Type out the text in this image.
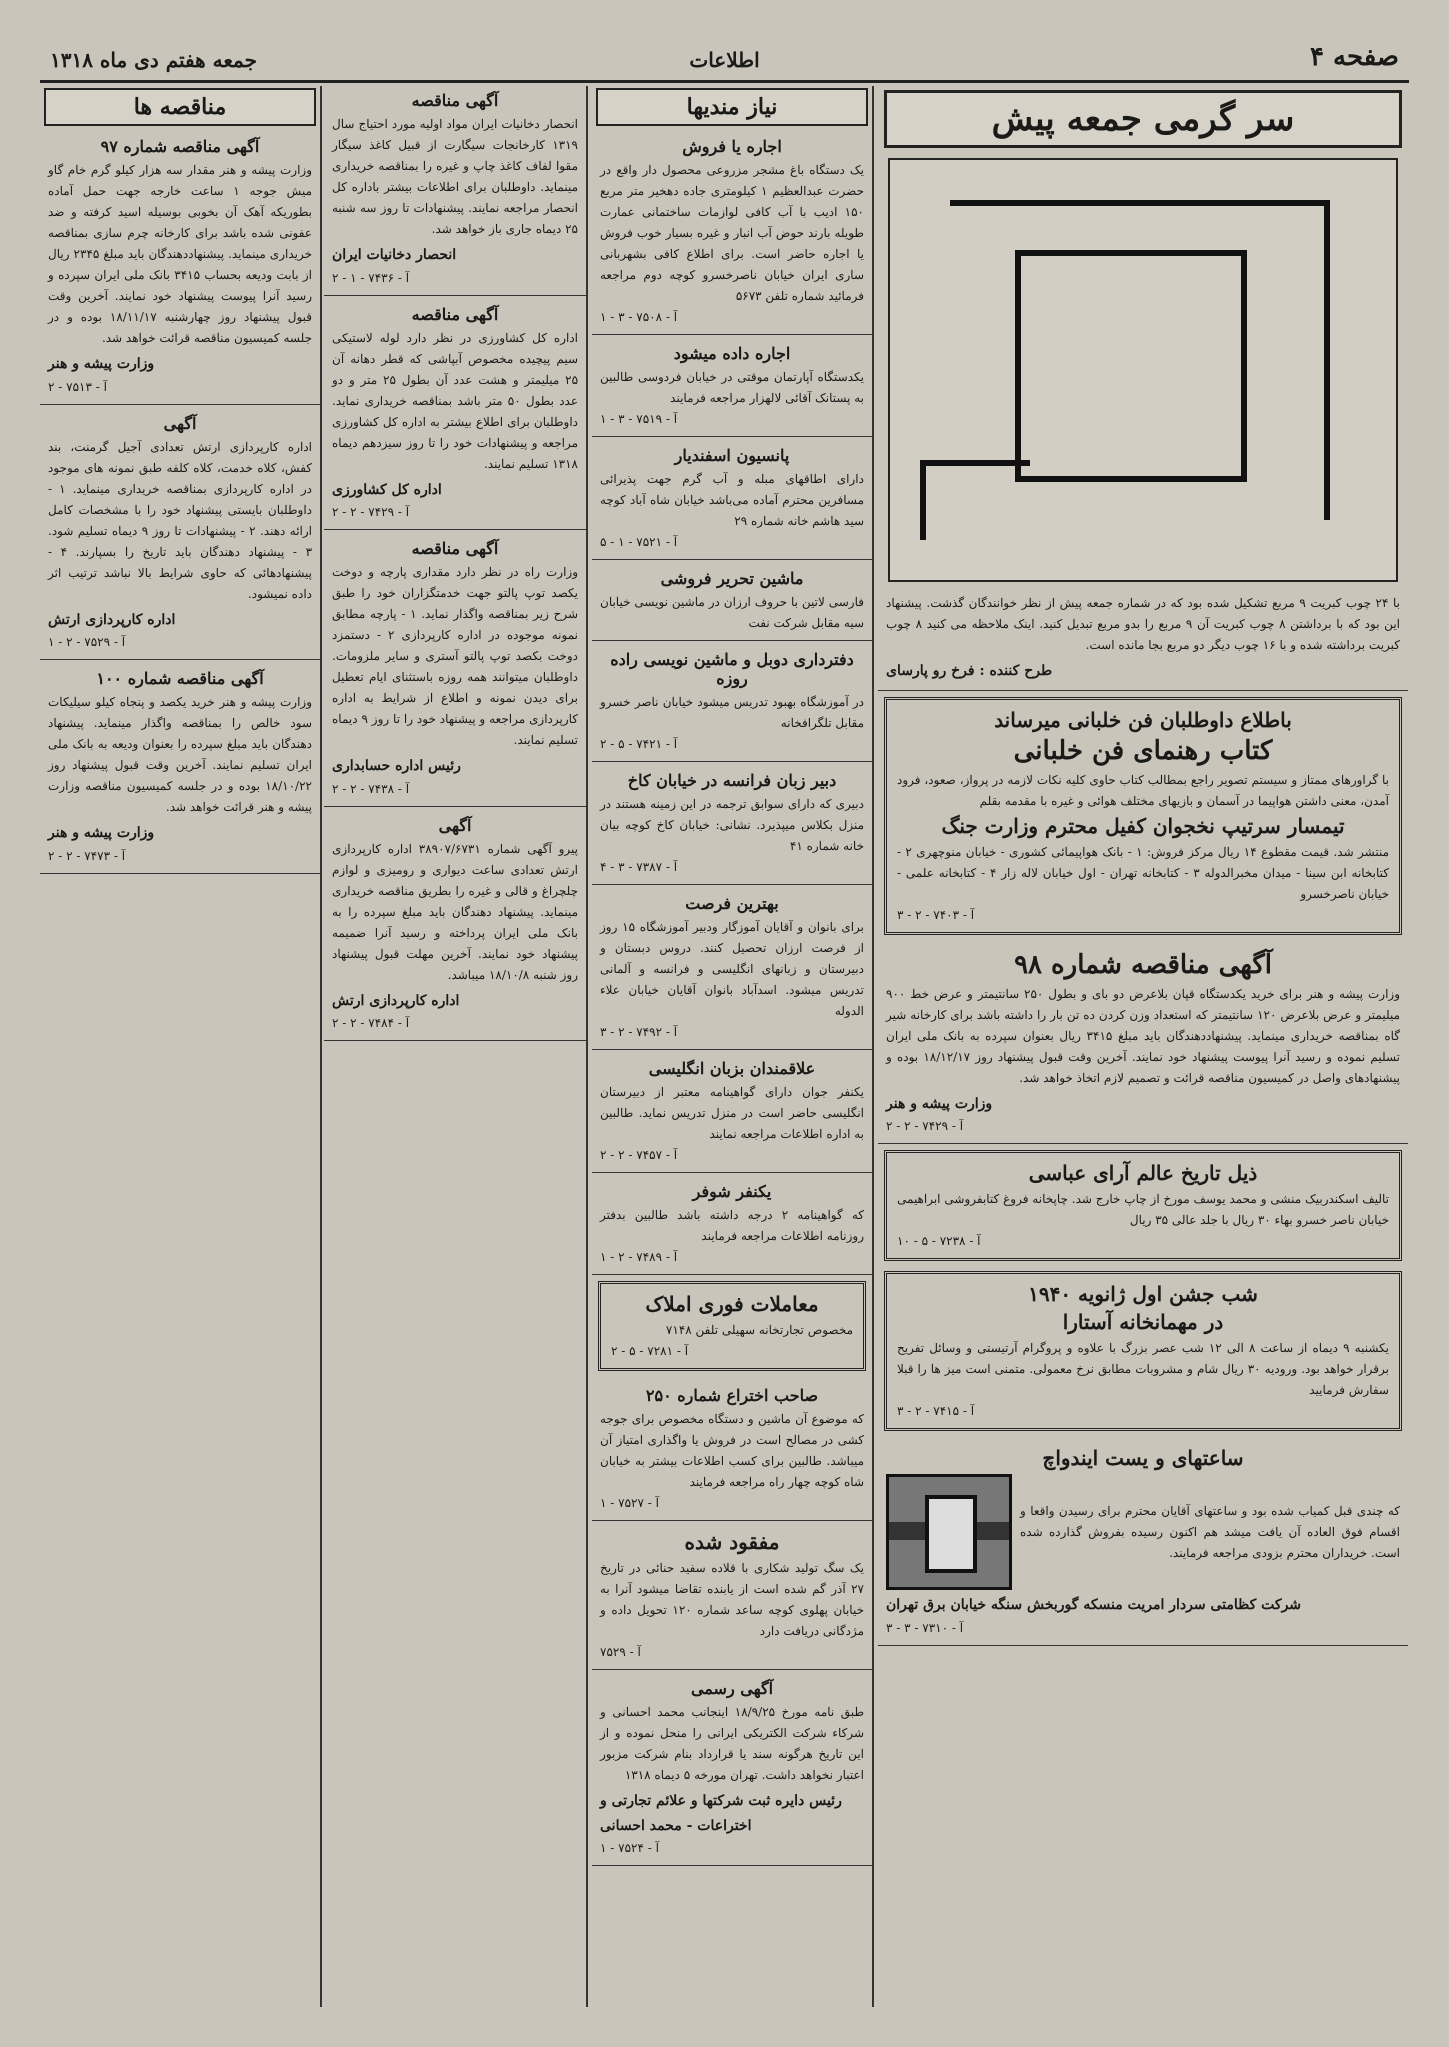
جمعه هفتم دی ماه ۱۳۱۸	اطلاعات	صفحه ۴
سر گرمی جمعه پیش

با ۲۴ چوب کبریت ۹ مربع تشکیل شده بود که در شماره جمعه پیش از نظر خوانندگان گذشت. پیشنهاد این بود که با برداشتن ۸ چوب کبریت آن ۹ مربع را بدو مربع تبدیل کنید. اینک ملاحظه می کنید ۸ چوب کبریت برداشته شده و با ۱۶ چوب دیگر دو مربع بجا مانده است.

طرح کننده : فرخ رو پارسای

باطلاع داوطلبان فن خلبانی میرساند
کتاب رهنمای فن خلبانی

با گراورهای ممتاز و سیستم تصویر راجع بمطالب کتاب حاوی کلیه نکات لازمه در پرواز، صعود، فرود آمدن، معنی داشتن هواپیما در آسمان و بازیهای مختلف هوائی و غیره با مقدمه بقلم

تیمسار سرتیپ نخجوان کفیل محترم وزارت جنگ

منتشر شد. قیمت مقطوع ۱۴ ریال مرکز فروش: ۱ - بانک هواپیمائی کشوری - خیابان منوچهری ۲ - کتابخانه ابن سینا - میدان مخبرالدوله ۳ - کتابخانه تهران - اول خیابان لاله زار ۴ - کتابخانه علمی - خیابان ناصرخسرو

آ - ۷۴۰۳ - ۲ - ۳

آگهی مناقصه شماره ۹۸

وزارت پیشه و هنر برای خرید یکدستگاه قپان بلاعرض دو بای و بطول ۲۵۰ سانتیمتر و عرض خط ۹۰۰ میلیمتر و عرض بلاعرض ۱۲۰ سانتیمتر که استعداد وزن کردن ده تن بار را داشته باشد برای کارخانه شیر گاه بمناقصه خریداری مینماید. پیشنهاددهندگان باید مبلغ ۳۴۱۵ ریال بعنوان سپرده به بانک ملی ایران تسلیم نموده و رسید آنرا پیوست پیشنهاد خود نمایند. آخرین وقت قبول پیشنهاد روز ۱۸/۱۲/۱۷ بوده و پیشنهادهای واصل در کمیسیون مناقصه قرائت و تصمیم لازم اتخاذ خواهد شد.

وزارت پیشه و هنر

آ - ۷۴۲۹ - ۲ - ۲

ذیل تاریخ عالم آرای عباسی

تالیف اسکندربیک منشی و محمد یوسف مورخ از چاپ خارج شد. چاپخانه فروغ کتابفروشی ابراهیمی خیابان ناصر خسرو بهاء ۳۰ ریال با جلد عالی ۳۵ ریال

آ - ۷۲۳۸ - ۵ - ۱۰

شب جشن اول ژانویه ۱۹۴۰
در مهمانخانه آستارا

یکشنبه ۹ دیماه از ساعت ۸ الی ۱۲ شب عصر بزرگ با علاوه و پروگرام آرتیستی و وسائل تفریح برقرار خواهد بود. ورودیه ۳۰ ریال شام و مشروبات مطابق نرخ معمولی. متمنی است میز ها را قبلا سفارش فرمایید

آ - ۷۴۱۵ - ۲ - ۳

ساعتهای و یست ایندواچ

که چندی قبل کمیاب شده بود و ساعتهای آقایان محترم برای رسیدن واقعا و اقسام فوق العاده آن یافت میشد هم اکنون رسیده بفروش گذارده شده است. خریداران محترم بزودی مراجعه فرمایند.

شرکت کظامتی سردار امریت منسکه گوربخش سنگه خیابان برق تهران

آ - ۷۳۱۰ - ۳ - ۳

نیاز مندیها
اجاره یا فروش

یک دستگاه باغ مشجر مزروعی محصول دار واقع در حضرت عبدالعظیم ۱ کیلومتری جاده دهخیر متر مربع ۱۵۰ ادیب با آب کافی لوازمات ساختمانی عمارت طویله بارند حوض آب انبار و غیره بسیار خوب فروش یا اجاره حاضر است. برای اطلاع کافی بشهربانی ساری ایران خیابان ناصرخسرو کوچه دوم مراجعه فرمائید شماره تلفن ۵۶۷۳

آ - ۷۵۰۸ - ۳ - ۱

اجاره داده میشود

یکدستگاه آپارتمان موقتی در خیابان فردوسی طالبین به پستانک آقائی لالهزار مراجعه فرمایند

آ - ۷۵۱۹ - ۳ - ۱

پانسیون اسفندیار

دارای اطاقهای مبله و آب گرم جهت پذیرائی مسافرین محترم آماده می‌باشد خیابان شاه آباد کوچه سید هاشم خانه شماره ۲۹

آ - ۷۵۲۱ - ۱ - ۵

ماشین تحریر فروشی

فارسی لاتین با حروف ارزان در ماشین نویسی خیابان سیه مقابل شرکت نفت

دفترداری دوبل و ماشین نویسی راده روزه

در آموزشگاه بهبود تدریس میشود خیابان ناصر خسرو مقابل تلگرافخانه

آ - ۷۴۲۱ - ۵ - ۲

دبیر زبان فرانسه در خیابان کاخ

دبیری که دارای سوابق ترجمه در این زمینه هستند در منزل بکلاس میپذیرد. نشانی: خیابان کاخ کوچه بیان خانه شماره ۴۱

آ - ۷۳۸۷ - ۳ - ۴

بهترین فرصت

برای بانوان و آقایان آموزگار ودبیر آموزشگاه ۱۵ روز از فرصت ارزان تحصیل کنند. دروس دبستان و دبیرستان و زبانهای انگلیسی و فرانسه و آلمانی تدریس میشود. اسدآباد بانوان آقایان خیابان علاء الدوله

آ - ۷۴۹۲ - ۲ - ۳

علاقمندان بزبان انگلیسی

یکنفر جوان دارای گواهینامه معتبر از دبیرستان انگلیسی حاضر است در منزل تدریس نماید. طالبین به اداره اطلاعات مراجعه نمایند

آ - ۷۴۵۷ - ۲ - ۲

یکنفر شوفر

که گواهینامه ۲ درجه داشته باشد طالبین بدفتر روزنامه اطلاعات مراجعه فرمایند

آ - ۷۴۸۹ - ۲ - ۱

معاملات فوری املاک

مخصوص تجارتخانه سهیلی تلفن ۷۱۴۸

آ - ۷۲۸۱ - ۵ - ۲

صاحب اختراع شماره ۲۵۰

که موضوع آن ماشین و دستگاه مخصوص برای جوجه کشی در مصالح است در فروش یا واگذاری امتیاز آن میباشد. طالبین برای کسب اطلاعات بیشتر به خیابان شاه کوچه چهار راه مراجعه فرمایند

آ - ۷۵۲۷ - ۱

مفقود شده

یک سگ تولید شکاری با قلاده سفید حنائی در تاریخ ۲۷ آذر گم شده است از یابنده تقاضا میشود آنرا به خیابان پهلوی کوچه ساعد شماره ۱۲۰ تحویل داده و مژدگانی دریافت دارد

آ - ۷۵۲۹

آگهی رسمی

طبق نامه مورخ ۱۸/۹/۲۵ اینجانب محمد احسانی و شرکاء شرکت الکتریکی ایرانی را منحل نموده و از این تاریخ هرگونه سند یا قرارداد بنام شرکت مزبور اعتبار نخواهد داشت. تهران مورخه ۵ دیماه ۱۳۱۸

رئیس دایره ثبت شرکتها و علائم تجارتی و اختراعات - محمد احسانی

آ - ۷۵۲۴ - ۱

آگهی مناقصه

انحصار دخانیات ایران مواد اولیه مورد احتیاج سال ۱۳۱۹ کارخانجات سیگارت از قبیل کاغذ سیگار مقوا لفاف کاغذ چاپ و غیره را بمناقصه خریداری مینماید. داوطلبان برای اطلاعات بیشتر باداره کل انحصار مراجعه نمایند. پیشنهادات تا روز سه شنبه ۲۵ دیماه جاری باز خواهد شد.

انحصار دخانیات ایران

آ - ۷۴۳۶ - ۱ - ۲

آگهی مناقصه

اداره کل کشاورزی در نظر دارد لوله لاستیکی سیم پیچیده مخصوص آبپاشی که قطر دهانه آن ۲۵ میلیمتر و هشت عدد آن بطول ۲۵ متر و دو عدد بطول ۵۰ متر باشد بمناقصه خریداری نماید. داوطلبان برای اطلاع بیشتر به اداره کل کشاورزی مراجعه و پیشنهادات خود را تا روز سیزدهم دیماه ۱۳۱۸ تسلیم نمایند.

اداره کل کشاورزی

آ - ۷۴۲۹ - ۲ - ۲

آگهی مناقصه

وزارت راه در نظر دارد مقداری پارچه و دوخت یکصد توپ پالتو جهت خدمتگزاران خود را طبق شرح زیر بمناقصه واگذار نماید. ۱ - پارچه مطابق نمونه موجوده در اداره کارپردازی ۲ - دستمزد دوخت بکصد توپ پالتو آستری و سایر ملزومات. داوطلبان میتوانند همه روزه باستثنای ایام تعطیل برای دیدن نمونه و اطلاع از شرایط به اداره کارپردازی مراجعه و پیشنهاد خود را تا روز ۹ دیماه تسلیم نمایند.

رئیس اداره حسابداری

آ - ۷۴۳۸ - ۲ - ۲

آگهی

پیرو آگهی شماره ۳۸۹۰۷/۶۷۳۱ اداره کارپردازی ارتش تعدادی ساعت دیواری و رومیزی و لوازم چلچراغ و قالی و غیره را بطریق مناقصه خریداری مینماید. پیشنهاد دهندگان باید مبلغ سپرده را به بانک ملی ایران پرداخته و رسید آنرا ضمیمه پیشنهاد خود نمایند. آخرین مهلت قبول پیشنهاد روز شنبه ۱۸/۱۰/۸ میباشد.

اداره کارپردازی ارتش

آ - ۷۴۸۴ - ۲ - ۲

مناقصه ها
آگهی مناقصه شماره ۹۷

وزارت پیشه و هنر مقدار سه هزار کیلو گرم خام گاو میش جوجه ۱ ساعت خارجه جهت حمل آماده بطوریکه آهک آن بخوبی بوسیله اسید کرفته و ضد عفونی شده باشد برای کارخانه چرم سازی بمناقصه خریداری مینماید. پیشنهاددهندگان باید مبلغ ۲۳۴۵ ریال از بابت ودیعه بحساب ۳۴۱۵ بانک ملی ایران سپرده و رسید آنرا پیوست پیشنهاد خود نمایند. آخرین وقت قبول پیشنهاد روز چهارشنبه ۱۸/۱۱/۱۷ بوده و در جلسه کمیسیون مناقصه قرائت خواهد شد.

وزارت پیشه و هنر

آ - ۷۵۱۳ - ۲

آگهی

اداره کارپردازی ارتش تعدادی آجیل گرمنت، بند کفش، کلاه خدمت، کلاه کلفه طبق نمونه های موجود در اداره کارپردازی بمناقصه خریداری مینماید. ۱ - داوطلبان بایستی پیشنهاد خود را با مشخصات کامل ارائه دهند. ۲ - پیشنهادات تا روز ۹ دیماه تسلیم شود. ۳ - پیشنهاد دهندگان باید تاریخ را بسپارند. ۴ - پیشنهادهائی که حاوی شرایط بالا نباشد ترتیب اثر داده نمیشود.

اداره کارپردازی ارتش

آ - ۷۵۲۹ - ۲ - ۱

آگهی مناقصه شماره ۱۰۰

وزارت پیشه و هنر خرید یکصد و پنجاه کیلو سیلیکات سود خالص را بمناقصه واگذار مینماید. پیشنهاد دهندگان باید مبلغ سپرده را بعنوان ودیعه به بانک ملی ایران تسلیم نمایند. آخرین وقت قبول پیشنهاد روز ۱۸/۱۰/۲۲ بوده و در جلسه کمیسیون مناقصه وزارت پیشه و هنر قرائت خواهد شد.

وزارت پیشه و هنر

آ - ۷۴۷۳ - ۲ - ۲
